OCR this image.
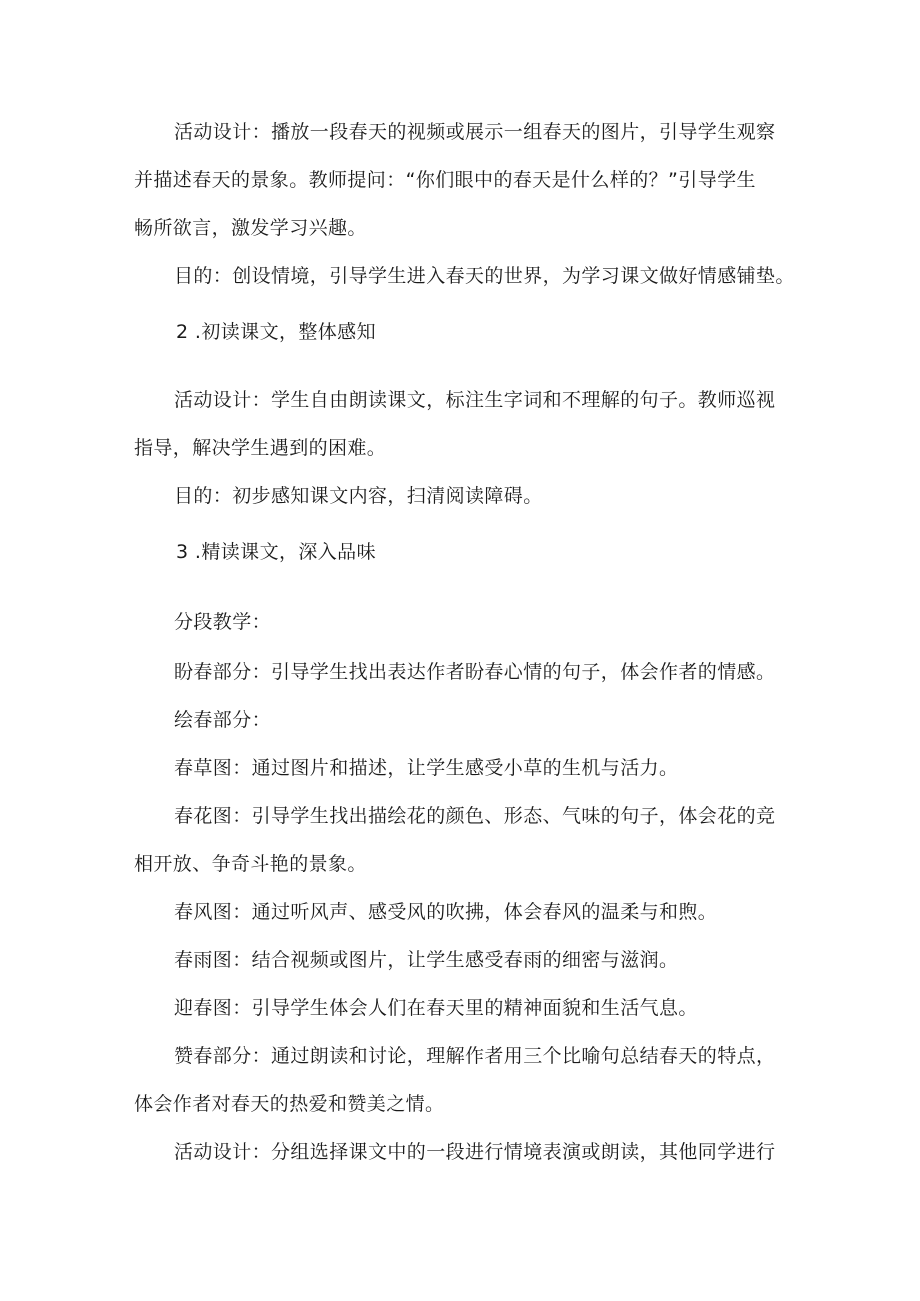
活动设计：播放一段春天的视频或展示一组春天的图片，引导学生观察
并描述春天的景象。教师提问：“你们眼中的春天是什么样的？”引导学生
畅所欲言，激发学习兴趣。
目的：创设情境，引导学生进入春天的世界，为学习课文做好情感铺垫。
2 .初读课文，整体感知
活动设计：学生自由朗读课文，标注生字词和不理解的句子。教师巡视
指导，解决学生遇到的困难。
目的：初步感知课文内容，扫清阅读障碍。
3 .精读课文，深入品味
分段教学：
盼春部分：引导学生找出表达作者盼春心情的句子，体会作者的情感。
绘春部分：
春草图：通过图片和描述，让学生感受小草的生机与活力。
春花图：引导学生找出描绘花的颜色、形态、气味的句子，体会花的竞
相开放、争奇斗艳的景象。
春风图：通过听风声、感受风的吹拂，体会春风的温柔与和煦。
春雨图：结合视频或图片，让学生感受春雨的细密与滋润。
迎春图：引导学生体会人们在春天里的精神面貌和生活气息。
赞春部分：通过朗读和讨论，理解作者用三个比喻句总结春天的特点，
体会作者对春天的热爱和赞美之情。
活动设计：分组选择课文中的一段进行情境表演或朗读，其他同学进行
